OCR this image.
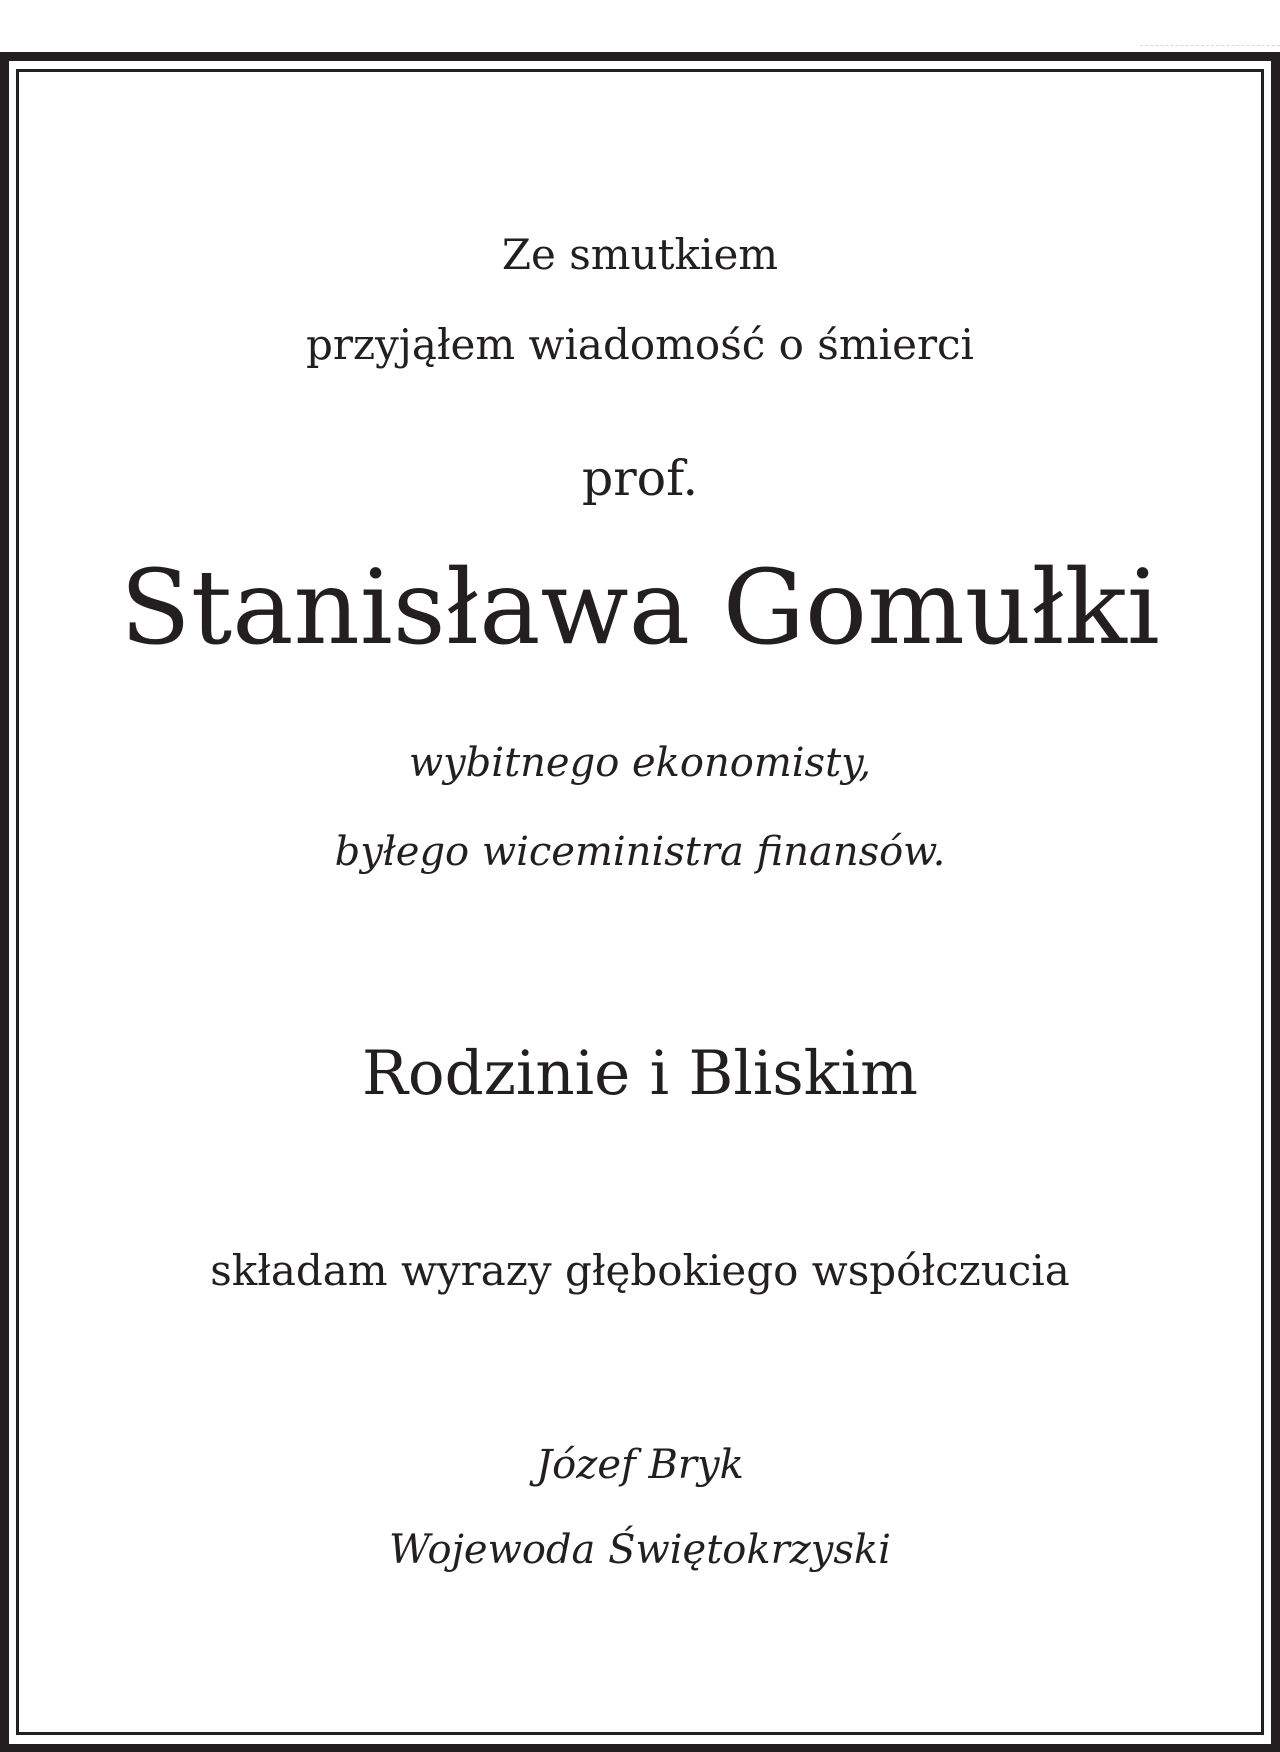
Ze smutkiem
przyjąłem wiadomość o śmierci
prof.
Stanisława Gomułki
wybitnego ekonomisty,
byłego wiceministra finansów.
Rodzinie i Bliskim
składam wyrazy głębokiego współczucia
Józef Bryk
Wojewoda Świętokrzyski
